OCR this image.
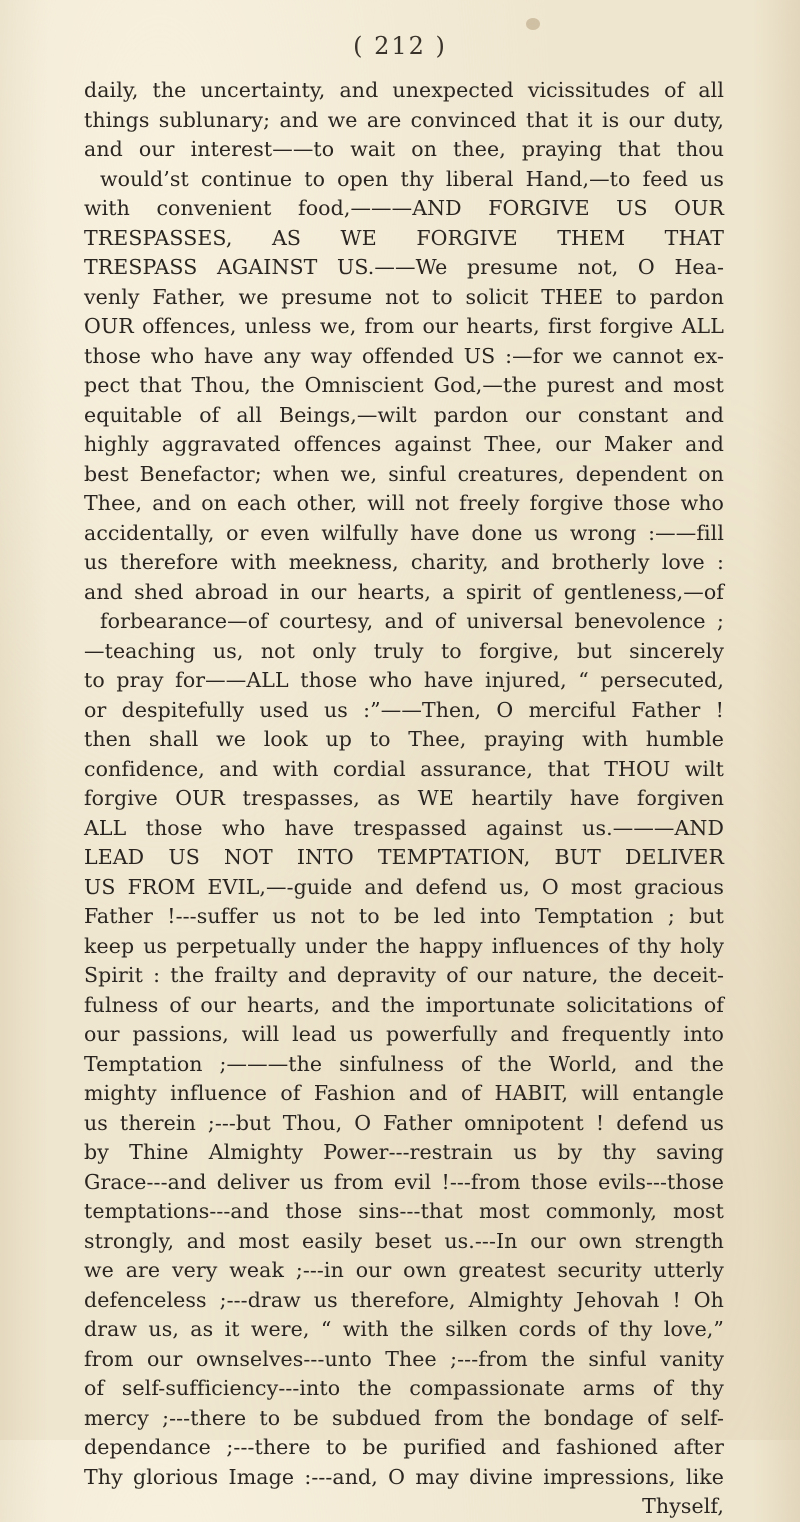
( 212 )
daily, the uncertainty, and unexpected vicissitudes of all
things sublunary; and we are convinced that it is our duty,
and our interest——to wait on thee, praying that thou
would’st continue to open thy liberal Hand,—to feed us
with convenient food,———AND FORGIVE US OUR
TRESPASSES, AS WE FORGIVE THEM THAT
TRESPASS AGAINST US.——We presume not, O Hea-
venly Father, we presume not to solicit THEE to pardon
OUR offences, unless we, from our hearts, first forgive ALL
those who have any way offended US :—for we cannot ex-
pect that Thou, the Omniscient God,—the purest and most
equitable of all Beings,—wilt pardon our constant and
highly aggravated offences against Thee, our Maker and
best Benefactor; when we, sinful creatures, dependent on
Thee, and on each other, will not freely forgive those who
accidentally, or even wilfully have done us wrong :——fill
us therefore with meekness, charity, and brotherly love :
and shed abroad in our hearts, a spirit of gentleness,—of
forbearance—of courtesy, and of universal benevolence ;
—teaching us, not only truly to forgive, but sincerely
to pray for——ALL those who have injured, “ persecuted,
or despitefully used us :”——Then, O merciful Father !
then shall we look up to Thee, praying with humble
confidence, and with cordial assurance, that THOU wilt
forgive OUR trespasses, as WE heartily have forgiven
ALL those who have trespassed against us.———AND
LEAD US NOT INTO TEMPTATION, BUT DELIVER
US FROM EVIL,—-guide and defend us, O most gracious
Father !---suffer us not to be led into Temptation ; but
keep us perpetually under the happy influences of thy holy
Spirit : the frailty and depravity of our nature, the deceit-
fulness of our hearts, and the importunate solicitations of
our passions, will lead us powerfully and frequently into
Temptation ;———the sinfulness of the World, and the
mighty influence of Fashion and of HABIT, will entangle
us therein ;---but Thou, O Father omnipotent ! defend us
by Thine Almighty Power---restrain us by thy saving
Grace---and deliver us from evil !---from those evils---those
temptations---and those sins---that most commonly, most
strongly, and most easily beset us.---In our own strength
we are very weak ;---in our own greatest security utterly
defenceless ;---draw us therefore, Almighty Jehovah ! Oh
draw us, as it were, “ with the silken cords of thy love,”
from our ownselves---unto Thee ;---from the sinful vanity
of self-sufficiency---into the compassionate arms of thy
mercy ;---there to be subdued from the bondage of self-
dependance ;---there to be purified and fashioned after
Thy glorious Image :---and, O may divine impressions, like
Thyself,
